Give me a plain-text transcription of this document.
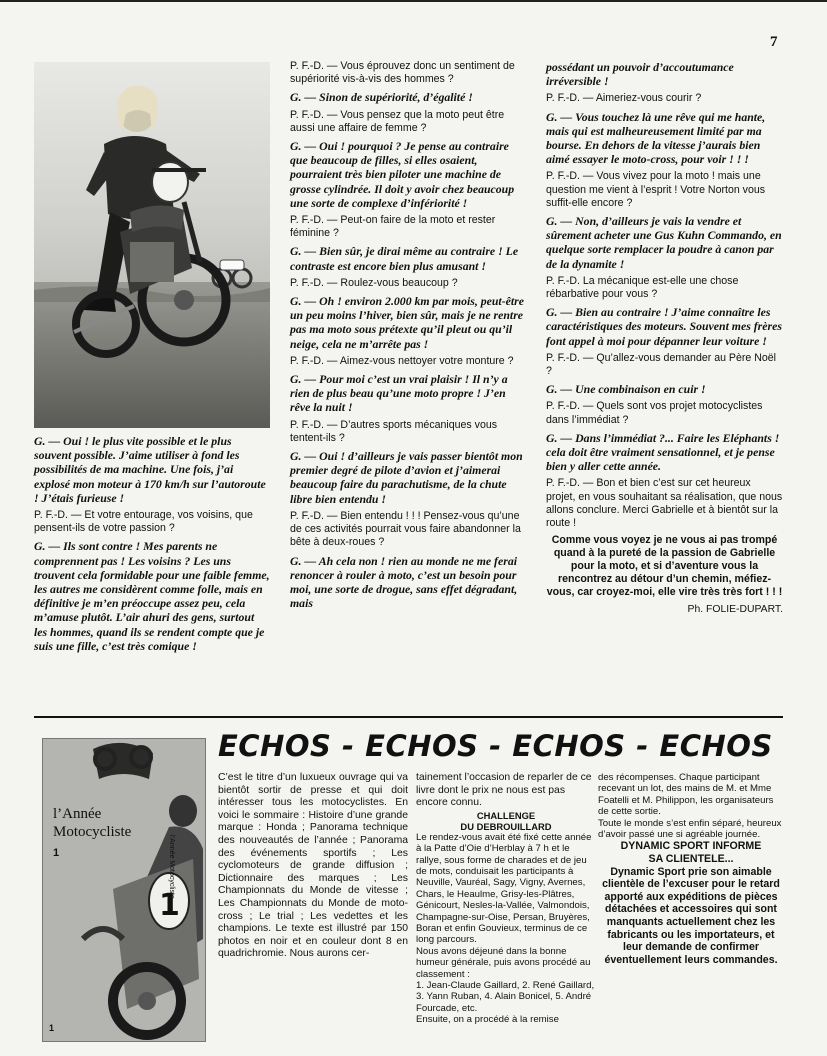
7

G. — Oui ! le plus vite possible et le plus souvent possible. J’aime utiliser à fond les possibilités de ma machine. Une fois, j’ai explosé mon moteur à 170 km/h sur l’autoroute ! J’étais furieuse !

P. F.-D. — Et votre entourage, vos voisins, que pensent-ils de votre passion ?

G. — Ils sont contre ! Mes parents ne comprennent pas ! Les voisins ? Les uns trouvent cela formidable pour une faible femme, les autres me considèrent comme folle, mais en définitive je m’en préoccupe assez peu, cela m’amuse plutôt. L’air ahuri des gens, surtout les hommes, quand ils se rendent compte que je suis une fille, c’est très comique !

P. F.-D. — Vous éprouvez donc un sentiment de supériorité vis-à-vis des hommes ?

G. — Sinon de supériorité, d’égalité !

P. F.-D. — Vous pensez que la moto peut être aussi une affaire de femme ?

G. — Oui ! pourquoi ? Je pense au contraire que beaucoup de filles, si elles osaient, pourraient très bien piloter une machine de grosse cylindrée. Il doit y avoir chez beaucoup une sorte de complexe d’infériorité !

P. F.-D. — Peut-on faire de la moto et rester féminine ?

G. — Bien sûr, je dirai même au contraire ! Le contraste est encore bien plus amusant !

P. F.-D. — Roulez-vous beaucoup ?

G. — Oh ! environ 2.000 km par mois, peut-être un peu moins l’hiver, bien sûr, mais je ne rentre pas ma moto sous prétexte qu’il pleut ou qu’il neige, cela ne m’arrête pas !

P. F.-D. — Aimez-vous nettoyer votre monture ?

G. — Pour moi c’est un vrai plaisir ! Il n’y a rien de plus beau qu’une moto propre ! J’en rêve la nuit !

P. F.-D. — D’autres sports mécaniques vous tentent-ils ?

G. — Oui ! d’ailleurs je vais passer bientôt mon premier degré de pilote d’avion et j’aimerai beaucoup faire du parachutisme, de la chute libre bien entendu !

P. F.-D. — Bien entendu ! ! ! Pensez-vous qu’une de ces activités pourrait vous faire abandonner la bête à deux-roues ?

G. — Ah cela non ! rien au monde ne me ferai renoncer à rouler à moto, c’est un besoin pour moi, une sorte de drogue, sans effet dégradant, mais

possédant un pouvoir d’accoutumance irréversible !

P. F.-D. — Aimeriez-vous courir ?

G. — Vous touchez là une rêve qui me hante, mais qui est malheureusement limité par ma bourse. En dehors de la vitesse j’aurais bien aimé essayer le moto-cross, pour voir ! ! !

P. F.-D. — Vous vivez pour la moto ! mais une question me vient à l’esprit ! Votre Norton vous suffit-elle encore ?

G. — Non, d’ailleurs je vais la vendre et sûrement acheter une Gus Kuhn Commando, en quelque sorte remplacer la poudre à canon par de la dynamite !

P. F.-D. La mécanique est-elle une chose rébarbative pour vous ?

G. — Bien au contraire ! J’aime connaître les caractéristiques des moteurs. Souvent mes frères font appel à moi pour dépanner leur voiture !

P. F.-D. — Qu’allez-vous demander au Père Noël ?

G. — Une combinaison en cuir !

P. F.-D. — Quels sont vos projet motocyclistes dans l’immédiat ?

G. — Dans l’immédiat ?... Faire les Eléphants ! cela doit être vraiment sensationnel, et je pense bien y aller cette année.

P. F.-D. — Bon et bien c’est sur cet heureux projet, en vous souhaitant sa réalisation, que nous allons conclure. Merci Gabrielle et à bientôt sur la route !

Comme vous voyez je ne vous ai pas trompé quand à la pureté de la passion de Gabrielle pour la moto, et si d’aventure vous la rencontrez au détour d’un chemin, méfiez-vous, car croyez-moi, elle vire très très fort ! ! !

Ph. FOLIE-DUPART.

ECHOS - ECHOS - ECHOS - ECHOS
1
l’Année
Motocycliste
1	l’Année Motocycliste
1

C’est le titre d’un luxueux ouvrage qui va bientôt sortir de presse et qui doit intéresser tous les motocyclistes. En voici le sommaire : Histoire d’une grande marque : Honda ; Panorama technique des nouveautés de l’année ; Panorama des événements sportifs ; Les cyclomoteurs de grande diffusion ; Dictionnaire des marques ; Les Championnats du Monde de vitesse ; Les Championnats du Monde de moto-cross ; Le trial ; Les vedettes et les champions. Le texte est illustré par 150 photos en noir et en couleur dont 8 en quadrichromie. Nous aurons cer-

tainement l’occasion de reparler de ce livre dont le prix ne nous est pas encore connu.

CHALLENGE
DU DEBROUILLARD

Le rendez-vous avait été fixé cette année à la Patte d’Oie d’Herblay à 7 h et le rallye, sous forme de charades et de jeu de mots, conduisait les participants à Neuville, Vauréal, Sagy, Vigny, Avernes, Chars, le Heaulme, Grisy-les-Plâtres, Génicourt, Nesles-la-Vallée, Valmondois, Champagne-sur-Oise, Persan, Bruyères, Boran et enfin Gouvieux, terminus de ce long parcours.

Nous avons déjeuné dans la bonne humeur générale, puis avons procédé au classement :

1. Jean-Claude Gaillard, 2. René Gaillard, 3. Yann Ruban, 4. Alain Bonicel, 5. André Fourcade, etc.

Ensuite, on a procédé à la remise

des récompenses. Chaque participant recevant un lot, des mains de M. et Mme Foatelli et M. Philippon, les organisateurs de cette sortie.

Toute le monde s’est enfin séparé, heureux d’avoir passé une si agréable journée.

DYNAMIC SPORT INFORME
SA CLIENTELE...

Dynamic Sport prie son aimable clientèle de l’excuser pour le retard apporté aux expéditions de pièces détachées et accessoires qui sont manquants actuellement chez les fabricants ou les importateurs, et leur demande de confirmer éventuellement leurs commandes.
